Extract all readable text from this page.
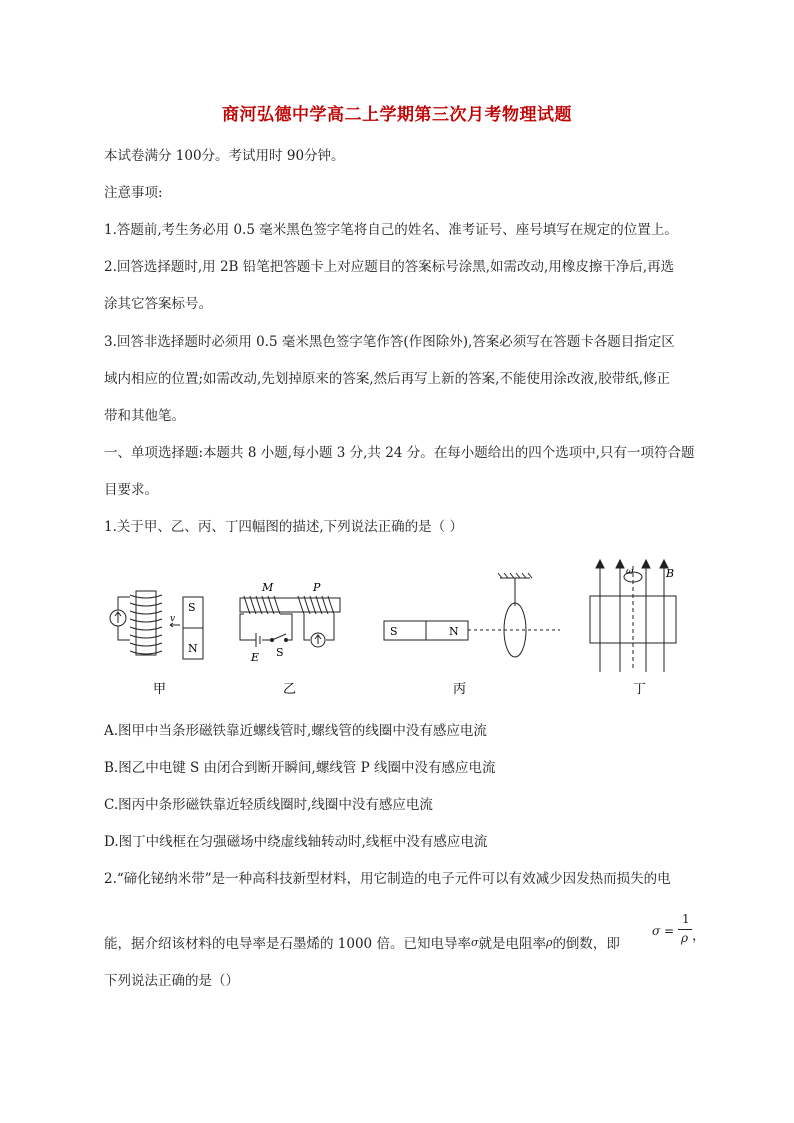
商河弘德中学高二上学期第三次月考物理试题
本试卷满分 100分。考试用时 90分钟。
注意事项:
1.答题前,考生务必用 0.5 毫米黑色签字笔将自己的姓名、准考证号、座号填写在规定的位置上。
2.回答选择题时,用 2B 铅笔把答题卡上对应题目的答案标号涂黑,如需改动,用橡皮擦干净后,再选
涂其它答案标号。
3.回答非选择题时必须用 0.5 毫米黑色签字笔作答(作图除外),答案必须写在答题卡各题目指定区
域内相应的位置;如需改动,先划掉原来的答案,然后再写上新的答案,不能使用涂改液,胶带纸,修正
带和其他笔。
一、单项选择题:本题共 8 小题,每小题 3 分,共 24 分。在每小题给出的四个选项中,只有一项符合题
目要求。
1.关于甲、乙、丙、丁四幅图的描述,下列说法正确的是（ ）
S
N
v
M	P
E S
S	N
ω	B
甲	乙	丙	丁
A.图甲中当条形磁铁靠近螺线管时,螺线管的线圈中没有感应电流
B.图乙中电键 S 由闭合到断开瞬间,螺线管 P 线圈中没有感应电流
C.图丙中条形磁铁靠近轻质线圈时,线圈中没有感应电流
D.图丁中线框在匀强磁场中绕虚线轴转动时,线框中没有感应电流
2.“碲化铋纳米带”是一种高科技新型材料，用它制造的电子元件可以有效减少因发热而损失的电
能，据介绍该材料的电导率是石墨烯的 1000 倍。已知电导率σ就是电阻率ρ的倒数，即
σ =
1
ρ ，
下列说法正确的是（）
